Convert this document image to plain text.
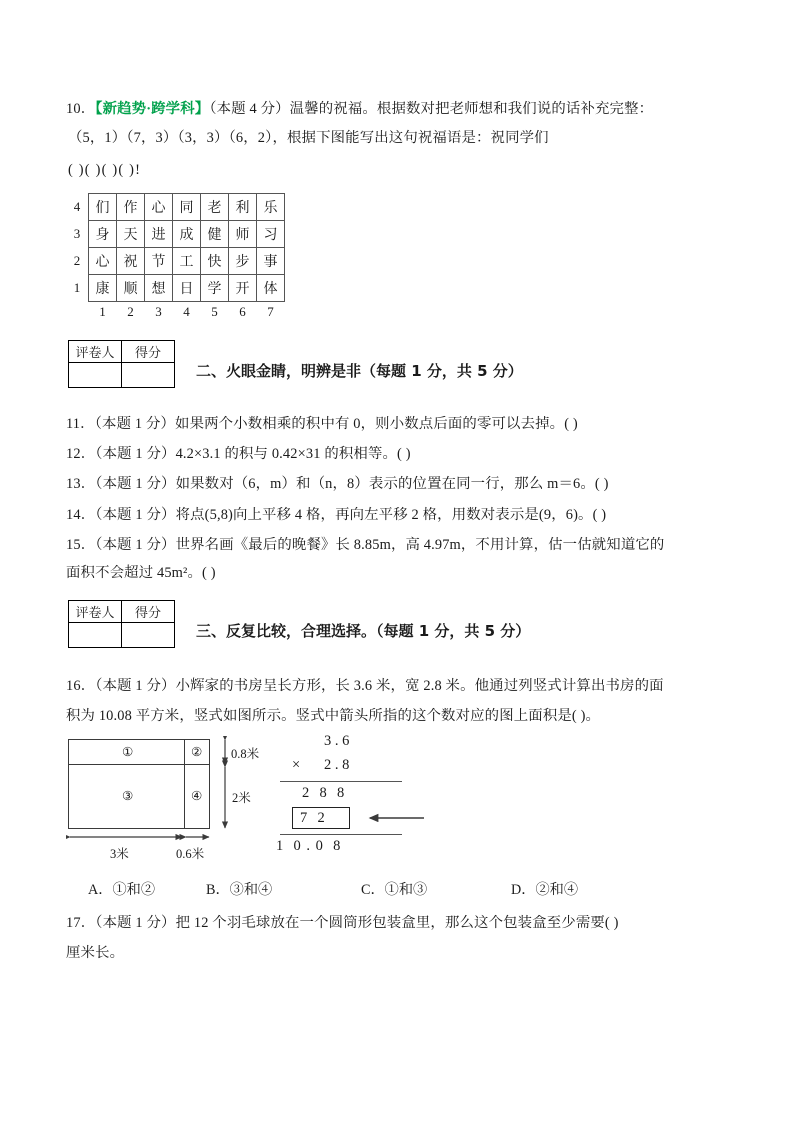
10．【新趋势·跨学科】（本题 4 分）温馨的祝福。根据数对把老师想和我们说的话补充完整：
（5，1）（7，3）（3，3）（6，2），根据下图能写出这句祝福语是：祝同学们
( )( )( )( )!
4	们	作	心	同	老	利	乐
3	身	天	进	成	健	师	习
2	心	祝	节	工	快	步	事
1	康	顺	想	日	学	开	体
	1	2	3	4	5	6	7
评卷人	得分

二、火眼金睛，明辨是非（每题 1 分，共 5 分）
11．（本题 1 分）如果两个小数相乘的积中有 0，则小数点后面的零可以去掉。( )
12．（本题 1 分）4.2×3.1 的积与 0.42×31 的积相等。( )
13．（本题 1 分）如果数对（6，m）和（n，8）表示的位置在同一行，那么 m＝6。( )
14．（本题 1 分）将点(5,8)向上平移 4 格，再向左平移 2 格，用数对表示是(9，6)。( )
15．（本题 1 分）世界名画《最后的晚餐》长 8.85m，高 4.97m，不用计算，估一估就知道它的
面积不会超过 45m²。( )
评卷人	得分

三、反复比较，合理选择。（每题 1 分，共 5 分）
16．（本题 1 分）小辉家的书房呈长方形，长 3.6 米，宽 2.8 米。他通过列竖式计算出书房的面
积为 10.08 平方米，竖式如图所示。竖式中箭头所指的这个数对应的图上面积是( )。
①	②
③	④
0.8米
2米
3米	0.6米
3 . 6
× 2 . 8
2  8  8
7  2
1  0 . 0  8
A．①和②	B．③和④	C．①和③	D．②和④
17．（本题 1 分）把 12 个羽毛球放在一个圆筒形包装盒里，那么这个包装盒至少需要( )
厘米长。
